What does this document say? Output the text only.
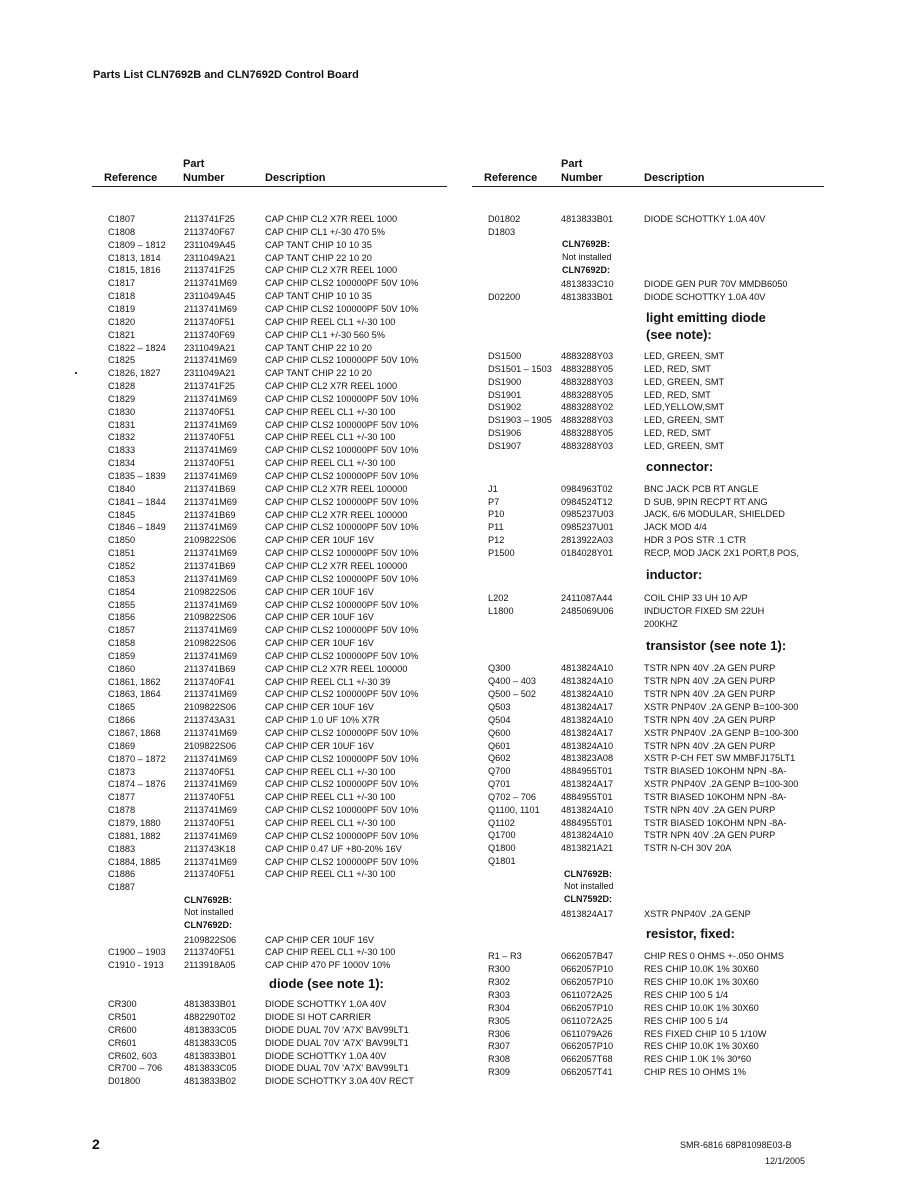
Parts List CLN7692B and CLN7692D Control Board
Reference
Part
Number	Description
C1807	2113741F25	CAP CHIP CL2 X7R REEL 1000
C1808	2113740F67	CAP CHIP CL1 +/-30 470 5%
C1809 – 1812 2311049A45	CAP TANT CHIP 10 10 35
C1813, 1814	2311049A21	CAP TANT CHIP 22 10 20
C1815, 1816	2113741F25	CAP CHIP CL2 X7R REEL 1000
C1817	2113741M69	CAP CHIP CLS2 100000PF 50V 10%
C1818	2311049A45	CAP TANT CHIP 10 10 35
C1819	2113741M69	CAP CHIP CLS2 100000PF 50V 10%
C1820	2113740F51	CAP CHIP REEL CL1 +/-30 100
C1821	2113740F69	CAP CHIP CL1 +/-30 560 5%
C1822 – 1824 2311049A21	CAP TANT CHIP 22 10 20
C1825	2113741M69	CAP CHIP CLS2 100000PF 50V 10%
C1826, 1827	2311049A21	CAP TANT CHIP 22 10 20
C1828	2113741F25	CAP CHIP CL2 X7R REEL 1000
C1829	2113741M69	CAP CHIP CLS2 100000PF 50V 10%
C1830	2113740F51	CAP CHIP REEL CL1 +/-30 100
C1831	2113741M69	CAP CHIP CLS2 100000PF 50V 10%
C1832	2113740F51	CAP CHIP REEL CL1 +/-30 100
C1833	2113741M69	CAP CHIP CLS2 100000PF 50V 10%
C1834	2113740F51	CAP CHIP REEL CL1 +/-30 100
C1835 – 1839 2113741M69	CAP CHIP CLS2 100000PF 50V 10%
C1840	2113741B69	CAP CHIP CL2 X7R REEL 100000
C1841 – 1844 2113741M69	CAP CHIP CLS2 100000PF 50V 10%
C1845	2113741B69	CAP CHIP CL2 X7R REEL 100000
C1846 – 1849 2113741M69	CAP CHIP CLS2 100000PF 50V 10%
C1850	2109822S06	CAP CHIP CER 10UF 16V
C1851	2113741M69	CAP CHIP CLS2 100000PF 50V 10%
C1852	2113741B69	CAP CHIP CL2 X7R REEL 100000
C1853	2113741M69	CAP CHIP CLS2 100000PF 50V 10%
C1854	2109822S06	CAP CHIP CER 10UF 16V
C1855	2113741M69	CAP CHIP CLS2 100000PF 50V 10%
C1856	2109822S06	CAP CHIP CER 10UF 16V
C1857	2113741M69	CAP CHIP CLS2 100000PF 50V 10%
C1858	2109822S06	CAP CHIP CER 10UF 16V
C1859	2113741M69	CAP CHIP CLS2 100000PF 50V 10%
C1860	2113741B69	CAP CHIP CL2 X7R REEL 100000
C1861, 1862	2113740F41	CAP CHIP REEL CL1 +/-30 39
C1863, 1864	2113741M69	CAP CHIP CLS2 100000PF 50V 10%
C1865	2109822S06	CAP CHIP CER 10UF 16V
C1866	2113743A31	CAP CHIP 1.0 UF 10% X7R
C1867, 1868	2113741M69	CAP CHIP CLS2 100000PF 50V 10%
C1869	2109822S06	CAP CHIP CER 10UF 16V
C1870 – 1872 2113741M69	CAP CHIP CLS2 100000PF 50V 10%
C1873	2113740F51	CAP CHIP REEL CL1 +/-30 100
C1874 – 1876 2113741M69	CAP CHIP CLS2 100000PF 50V 10%
C1877	2113740F51	CAP CHIP REEL CL1 +/-30 100
C1878	2113741M69	CAP CHIP CLS2 100000PF 50V 10%
C1879, 1880	2113740F51	CAP CHIP REEL CL1 +/-30 100
C1881, 1882	2113741M69	CAP CHIP CLS2 100000PF 50V 10%
C1883	2113743K18	CAP CHIP 0.47 UF +80-20% 16V
C1884, 1885	2113741M69	CAP CHIP CLS2 100000PF 50V 10%
C1886	2113740F51	CAP CHIP REEL CL1 +/-30 100
C1887
CLN7692B:
Not installed
CLN7692D:
2109822S06	CAP CHIP CER 10UF 16V
C1900 – 1903 2113740F51	CAP CHIP REEL CL1 +/-30 100
C1910 - 1913 2113918A05	CAP CHIP 470 PF 1000V 10%
diode (see note 1):
CR300	4813833B01	DIODE SCHOTTKY 1.0A 40V
CR501	4882290T02	DIODE SI HOT CARRIER
CR600	4813833C05	DIODE DUAL 70V 'A7X' BAV99LT1
CR601	4813833C05	DIODE DUAL 70V 'A7X' BAV99LT1
CR602, 603	4813833B01	DIODE SCHOTTKY 1.0A 40V
CR700 – 706 4813833C05	DIODE DUAL 70V 'A7X' BAV99LT1
D01800	4813833B02	DIODE SCHOTTKY 3.0A 40V RECT
Reference
Part
Number	Description
D01802	4813833B01	DIODE SCHOTTKY 1.0A 40V
D1803
CLN7692B:
Not installed
CLN7692D:
4813833C10	DIODE GEN PUR 70V MMDB6050
D02200	4813833B01	DIODE SCHOTTKY 1.0A 40V
light emitting diode
(see note):
DS1500	4883288Y03	LED, GREEN, SMT
DS1501 – 1503 4883288Y05	LED, RED, SMT
DS1900	4883288Y03	LED, GREEN, SMT
DS1901	4883288Y05	LED, RED, SMT
DS1902	4883288Y02	LED,YELLOW,SMT
DS1903 – 1905 4883288Y03	LED, GREEN, SMT
DS1906	4883288Y05	LED, RED, SMT
DS1907	4883288Y03	LED, GREEN, SMT
connector:
J1	0984963T02	BNC JACK PCB RT ANGLE
P7	0984524T12	D SUB, 9PIN RECPT RT ANG
P10	0985237U03	JACK, 6/6 MODULAR, SHIELDED
P11	0985237U01	JACK MOD 4/4
P12	2813922A03	HDR 3 POS STR .1 CTR
P1500	0184028Y01	RECP, MOD JACK 2X1 PORT,8 POS,
inductor:
L202	2411087A44	COIL CHIP 33 UH 10 A/P
L1800	2485069U06	INDUCTOR FIXED SM 22UH
200KHZ
transistor (see note 1):
Q300	4813824A10	TSTR NPN 40V .2A GEN PURP
Q400 – 403	4813824A10	TSTR NPN 40V .2A GEN PURP
Q500 – 502	4813824A10	TSTR NPN 40V .2A GEN PURP
Q503	4813824A17	XSTR PNP40V .2A GENP B=100-300
Q504	4813824A10	TSTR NPN 40V .2A GEN PURP
Q600	4813824A17	XSTR PNP40V .2A GENP B=100-300
Q601	4813824A10	TSTR NPN 40V .2A GEN PURP
Q602	4813823A08	XSTR P-CH FET SW MMBFJ175LT1
Q700	4884955T01	TSTR BIASED 10KOHM NPN -8A-
Q701	4813824A17	XSTR PNP40V .2A GENP B=100-300
Q702 – 706	4884955T01	TSTR BIASED 10KOHM NPN -8A-
Q1100, 1101 4813824A10	TSTR NPN 40V .2A GEN PURP
Q1102	4884955T01	TSTR BIASED 10KOHM NPN -8A-
Q1700	4813824A10	TSTR NPN 40V .2A GEN PURP
Q1800	4813821A21	TSTR N-CH 30V 20A
Q1801
CLN7692B:
Not installed
CLN7592D:
4813824A17	XSTR PNP40V .2A GENP
resistor, fixed:
R1 – R3	0662057B47	CHIP RES 0 OHMS +-.050 OHMS
R300	0662057P10	RES CHIP 10.0K 1% 30X60
R302	0662057P10	RES CHIP 10.0K 1% 30X60
R303	0611072A25	RES CHIP 100 5 1/4
R304	0662057P10	RES CHIP 10.0K 1% 30X60
R305	0611072A25	RES CHIP 100 5 1/4
R306	0611079A26	RES FIXED CHIP 10 5 1/10W
R307	0662057P10	RES CHIP 10.0K 1% 30X60
R308	0662057T68	RES CHIP 1.0K 1% 30*60
R309	0662057T41	CHIP RES 10 OHMS 1%
2	SMR-6816 68P81098E03-B
12/1/2005
